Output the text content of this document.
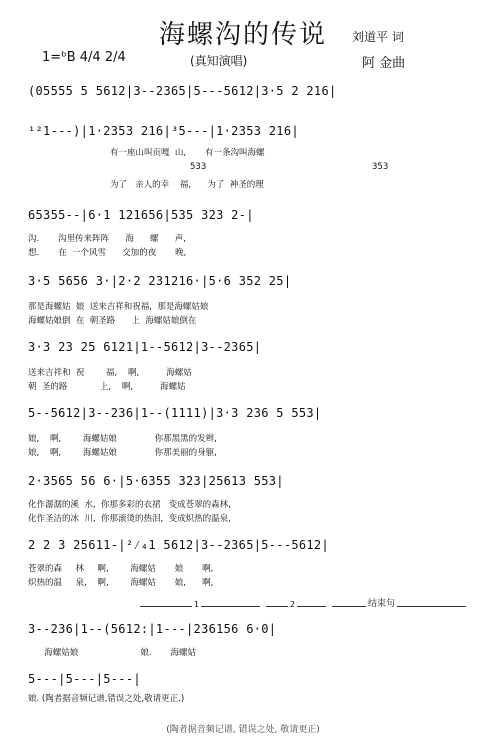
海螺沟的传说	刘道平 词
1=ᵇB 4/4 2/4	(真知演唱)	阿 金曲
(05555 5 5612|3--2365|5---5612|3·5 2 216|
¹²1---)|1·2353 216|³5---|1·2353 216|
有一座山叫贡嘎  山,       有一条沟叫海螺
533	353
为了   亲人的幸    福,      为了  神圣的理
65355--|6·1 121656|535 323 2-|
沟.       沟里传来阵阵      海      螺      声,
想.       在  一个风雪      交加的夜       晚,
3·5 5656 3·|2·2 231216·|5·6 352 25|
那是海螺姑  娘  送来吉祥和祝福,  那是海螺姑娘
海螺姑娘倒  在  朝圣路      上  海螺姑娘倒在
3·3 23 25 6121|1--5612|3--2365|
送来吉祥和  祝        福,    啊,          海螺姑
朝  圣的路            上,    啊,          海螺姑
5--5612|3--236|1--(1111)|3·3 236 5 553|
娘,    啊,        海螺姑娘              你那黑黑的发辫,
娘,    啊,        海螺姑娘              你那美丽的身躯,
2·3565 56 6·|5·6355 323|25613 553|
化作潺潺的溪  水,  你那多彩的衣裙   变成苍翠的森林,
化作圣洁的冰  川,  你那滚烫的热泪,  变成炽热的温泉,
2 2 3 25611-|²⁄₄1 5612|3--2365|5---5612|
苍翠的森     林     啊,        海螺姑       娘       啊,
炽热的温     泉,    啊,        海螺姑       娘,      啊,
1	2	结束句
3--236|1--(5612:|1---|236156 6·0|
海螺姑娘                       娘.       海螺姑
5---|5---|5---|
娘. (陶者据音频记谱,错误之处,敬请更正.)
(陶者据音频记谱, 错误之处, 敬请更正)
